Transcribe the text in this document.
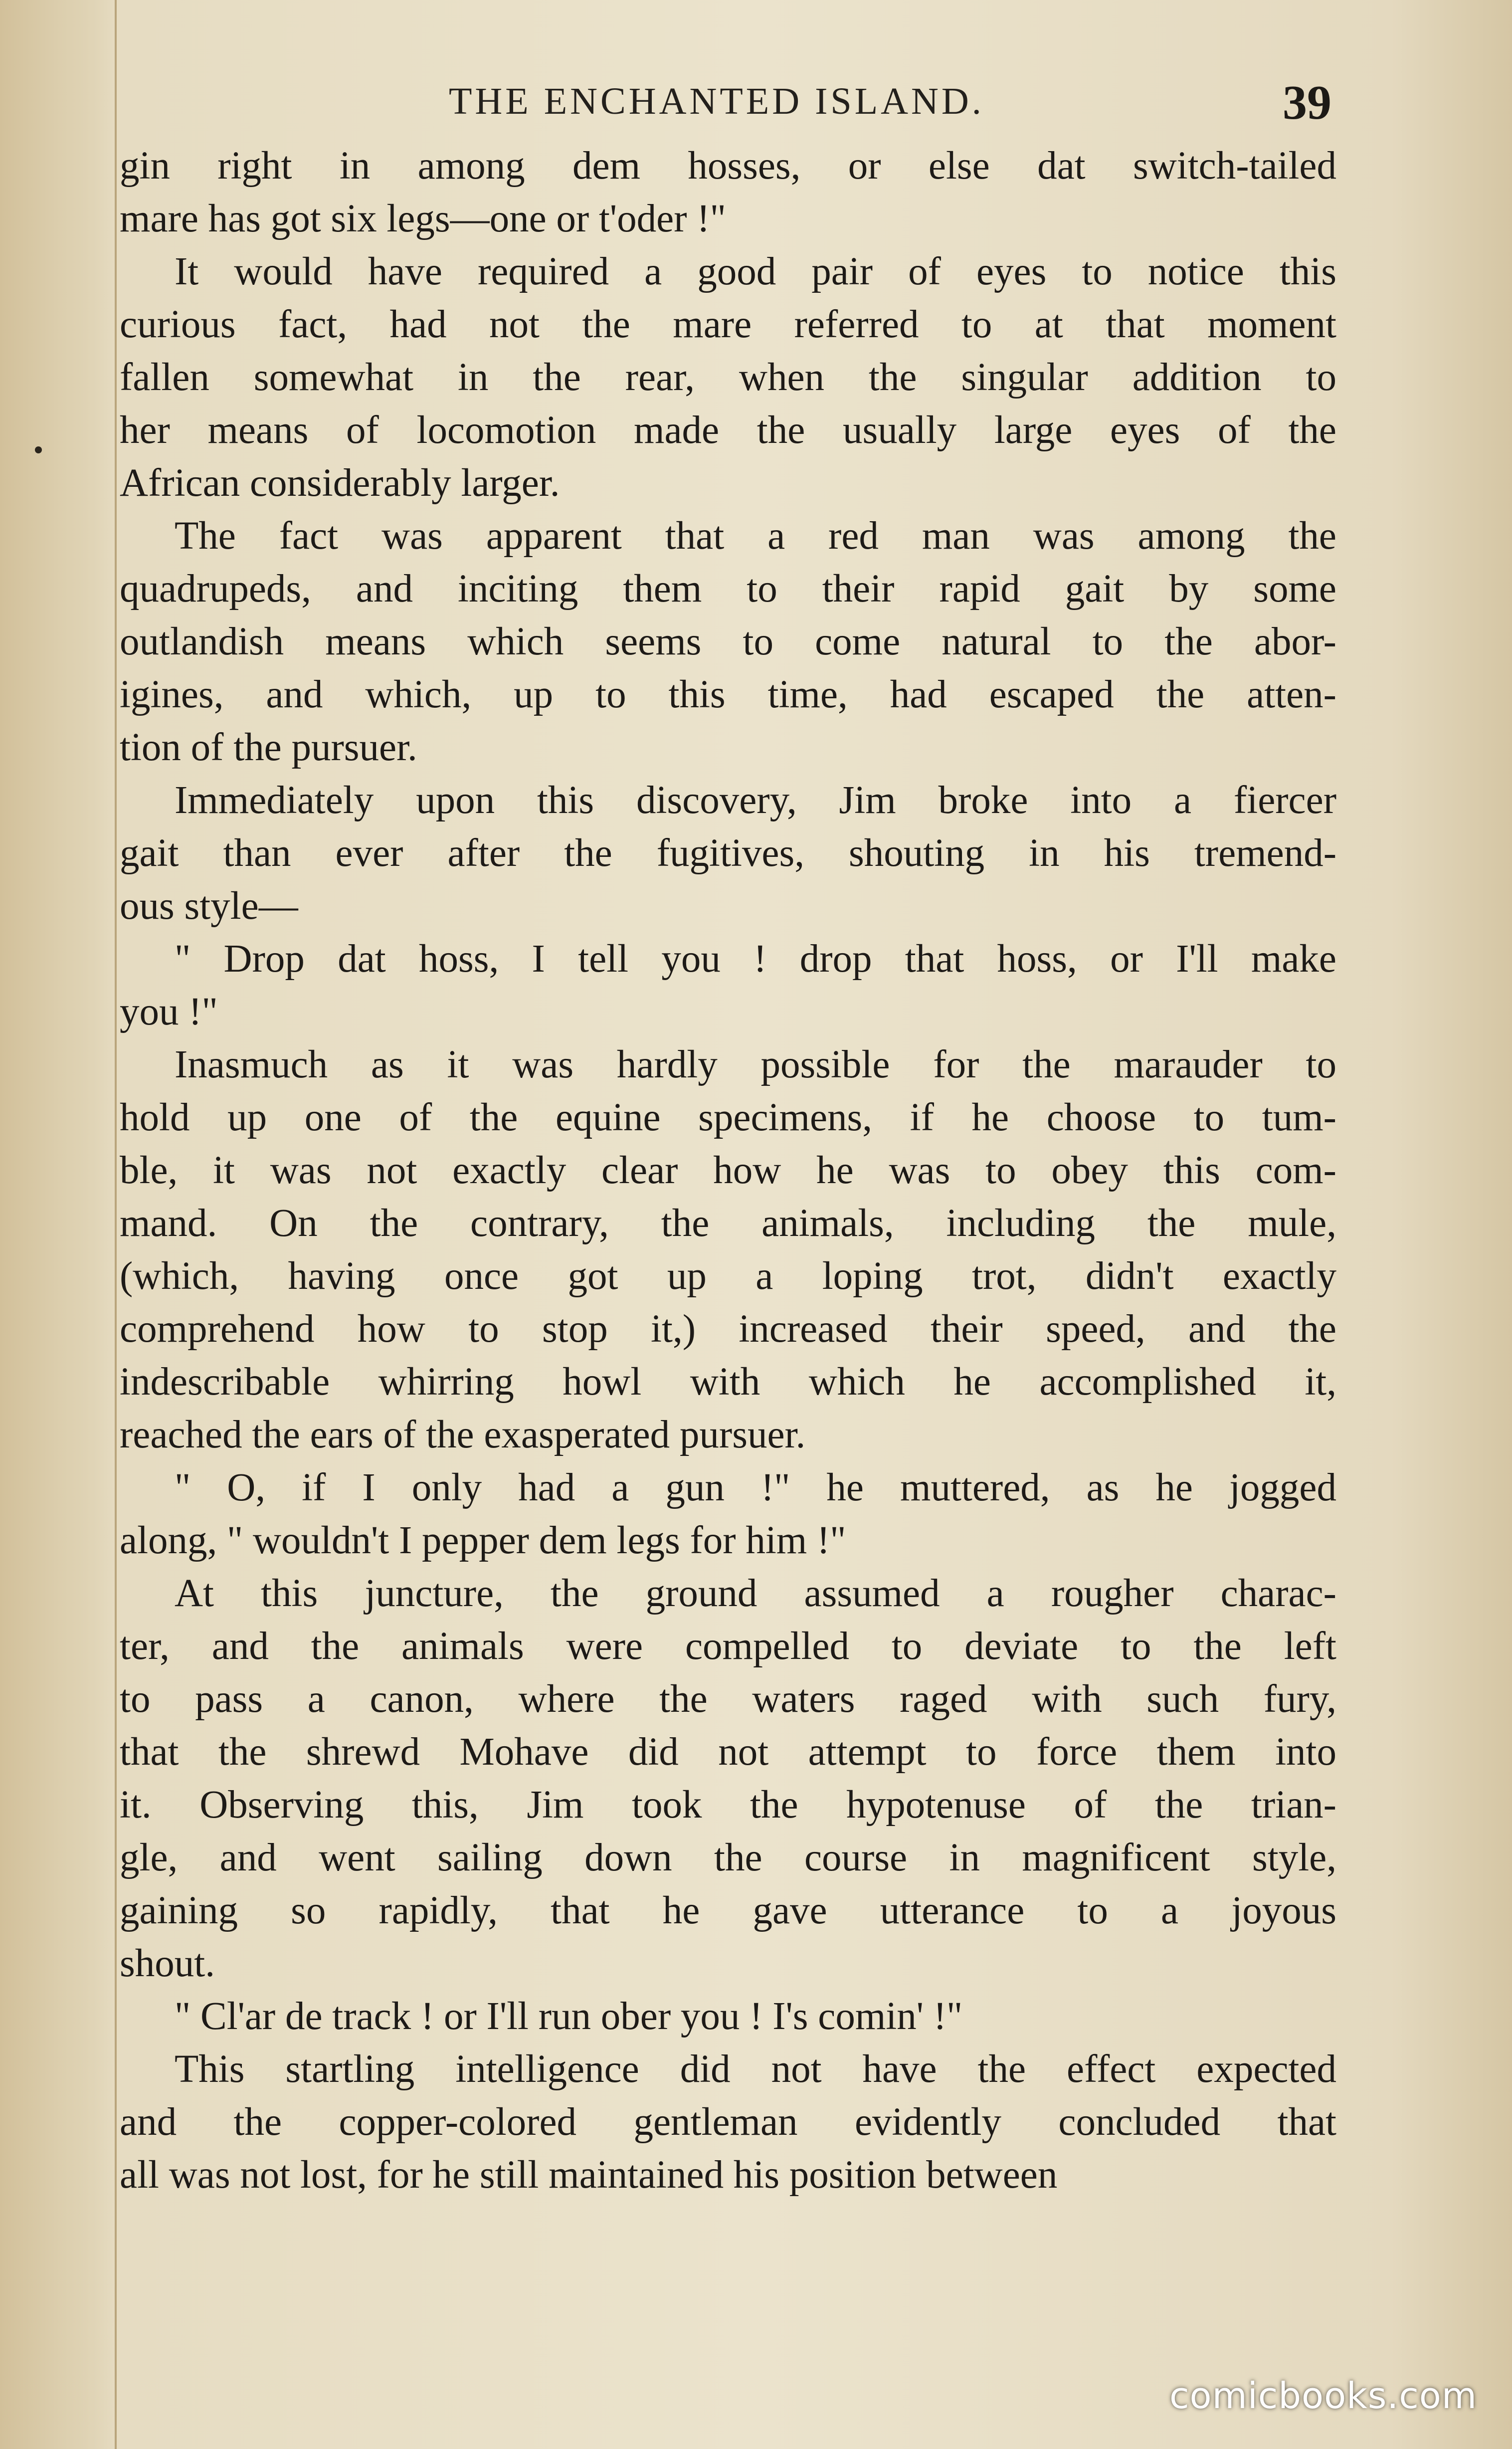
THE ENCHANTED ISLAND.	39
gin right in among dem hosses, or else dat switch-tailed
mare has got six legs—one or t'oder !"
It would have required a good pair of eyes to notice this
curious fact, had not the mare referred to at that moment
fallen somewhat in the rear, when the singular addition to
her means of locomotion made the usually large eyes of the
African considerably larger.
The fact was apparent that a red man was among the
quadrupeds, and inciting them to their rapid gait by some
outlandish means which seems to come natural to the abor-
igines, and which, up to this time, had escaped the atten-
tion of the pursuer.
Immediately upon this discovery, Jim broke into a fiercer
gait than ever after the fugitives, shouting in his tremend-
ous style—
" Drop dat hoss, I tell you ! drop that hoss, or I'll make
you !"
Inasmuch as it was hardly possible for the marauder to
hold up one of the equine specimens, if he choose to tum-
ble, it was not exactly clear how he was to obey this com-
mand. On the contrary, the animals, including the mule,
(which, having once got up a loping trot, didn't exactly
comprehend how to stop it,) increased their speed, and the
indescribable whirring howl with which he accomplished it,
reached the ears of the exasperated pursuer.
" O, if I only had a gun !" he muttered, as he jogged
along, " wouldn't I pepper dem legs for him !"
At this juncture, the ground assumed a rougher charac-
ter, and the animals were compelled to deviate to the left
to pass a canon, where the waters raged with such fury,
that the shrewd Mohave did not attempt to force them into
it. Observing this, Jim took the hypotenuse of the trian-
gle, and went sailing down the course in magnificent style,
gaining so rapidly, that he gave utterance to a joyous
shout.
" Cl'ar de track ! or I'll run ober you ! I's comin' !"
This startling intelligence did not have the effect expected
and the copper-colored gentleman evidently concluded that
all was not lost, for he still maintained his position between
comicbooks.com
